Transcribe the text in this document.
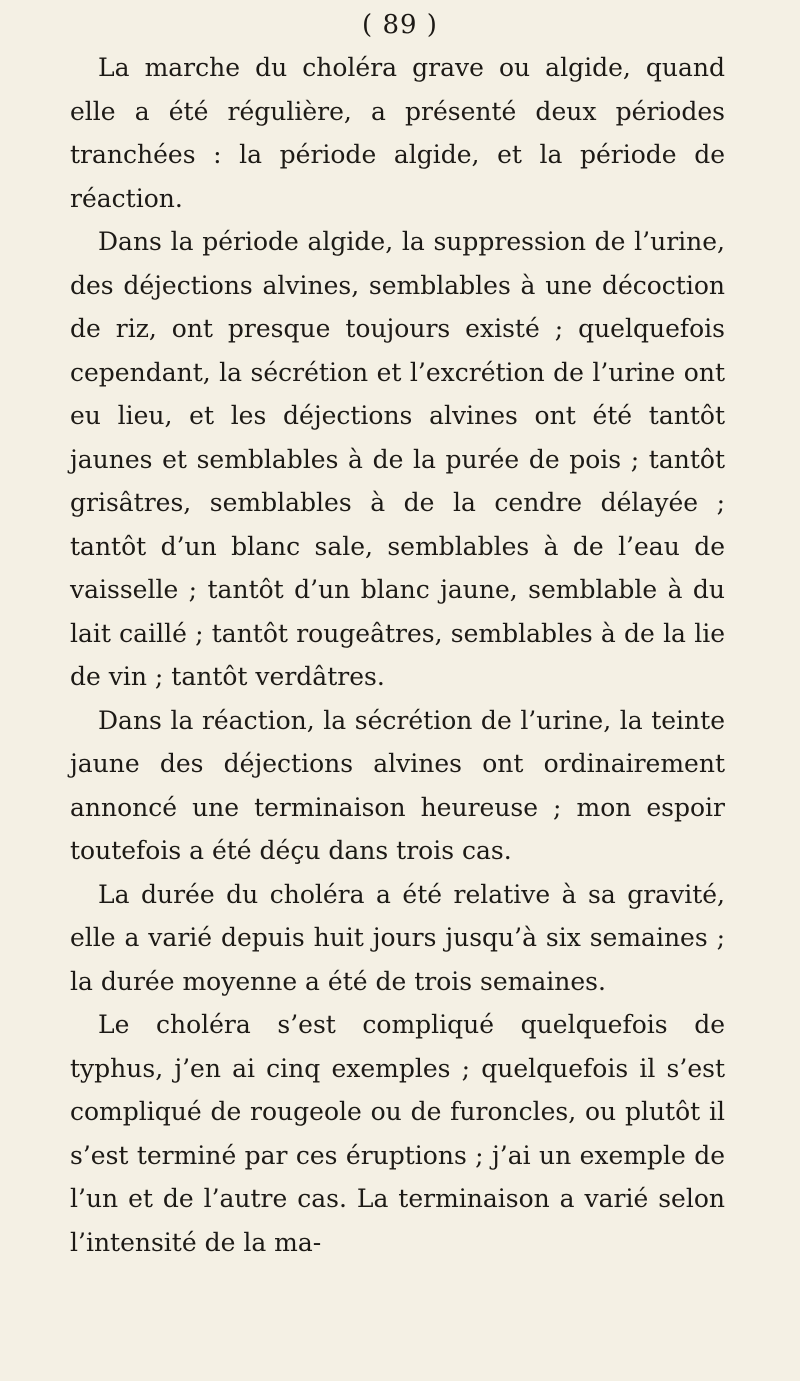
( 89 )

La marche du choléra grave ou algide, quand elle a été régulière, a présenté deux périodes tranchées : la période algide, et la période de réaction.

Dans la période algide, la suppression de l’urine, des déjections alvines, semblables à une décoction de riz, ont presque toujours existé ; quelquefois cependant, la sécrétion et l’excrétion de l’urine ont eu lieu, et les déjections alvines ont été tantôt jaunes et semblables à de la purée de pois ; tantôt grisâtres, semblables à de la cendre délayée ; tantôt d’un blanc sale, semblables à de l’eau de vaisselle ; tantôt d’un blanc jaune, semblable à du lait caillé ; tantôt rougeâtres, semblables à de la lie de vin ; tantôt verdâtres.

Dans la réaction, la sécrétion de l’urine, la teinte jaune des déjections alvines ont ordinairement annoncé une terminaison heureuse ; mon espoir toutefois a été déçu dans trois cas.

La durée du choléra a été relative à sa gravité, elle a varié depuis huit jours jusqu’à six semaines ; la durée moyenne a été de trois semaines.

Le choléra s’est compliqué quelquefois de typhus, j’en ai cinq exemples ; quelquefois il s’est compliqué de rougeole ou de furoncles, ou plutôt il s’est terminé par ces éruptions ; j’ai un exemple de l’un et de l’autre cas. La terminaison a varié selon l’intensité de la ma-
